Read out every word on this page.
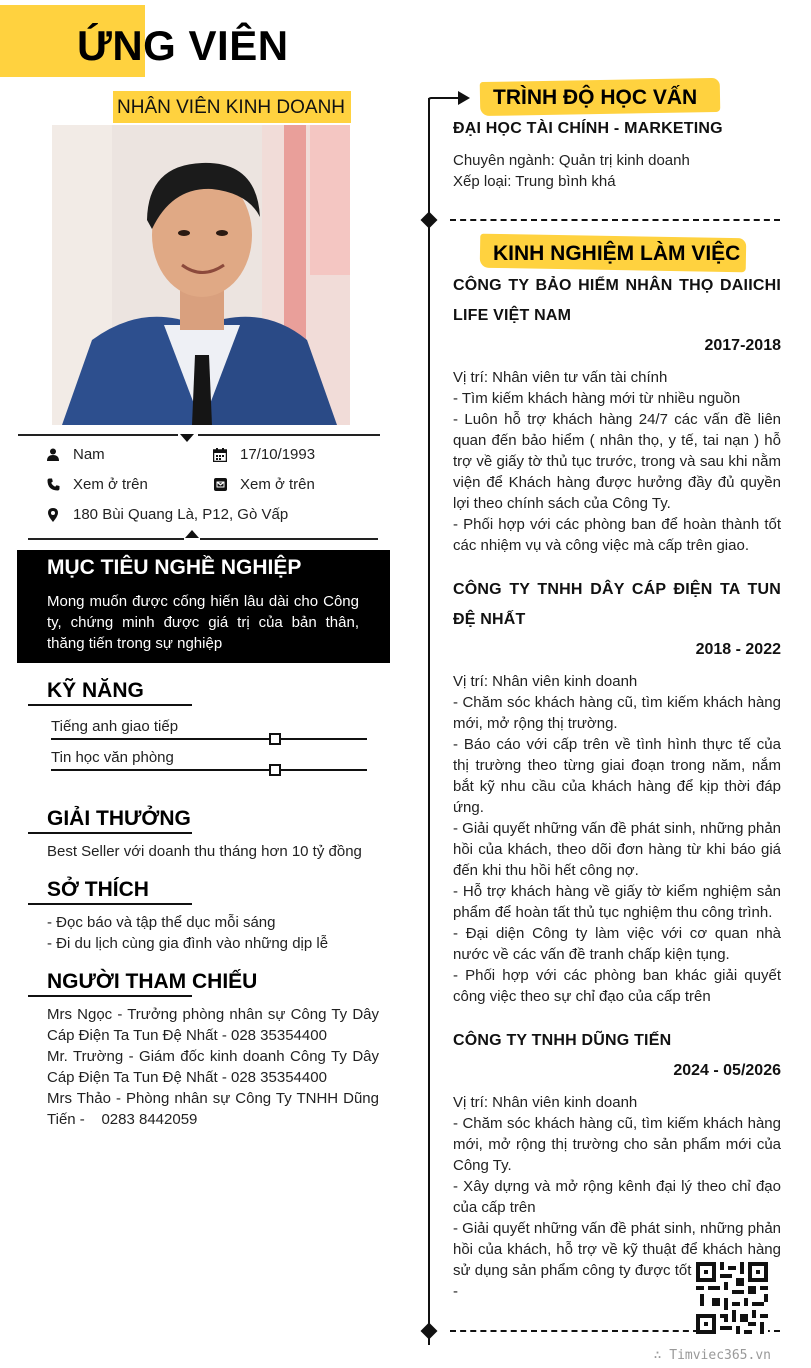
ỨNG VIÊN
NHÂN VIÊN KINH DOANH
Nam	17/10/1993
Xem ở trên	Xem ở trên
180 Bùi Quang Là, P12, Gò Vấp
MỤC TIÊU NGHỀ NGHIỆP
Mong muốn được cống hiến lâu dài cho Công ty, chứng minh được giá trị của bản thân, thăng tiến trong sự nghiệp
KỸ NĂNG
Tiếng anh giao tiếp
Tin học văn phòng
GIẢI THƯỞNG
Best Seller với doanh thu tháng hơn 10 tỷ đồng
SỞ THÍCH
- Đọc báo và tập thể dục mỗi sáng
- Đi du lịch cùng gia đình vào những dịp lễ
NGƯỜI THAM CHIẾU
Mrs Ngọc - Trưởng phòng nhân sự Công Ty Dây Cáp Điện Ta Tun Đệ Nhất - 028 35354400
Mr. Trường - Giám đốc kinh doanh Công Ty Dây Cáp Điện Ta Tun Đệ Nhất - 028 35354400
Mrs Thảo - Phòng nhân sự Công Ty TNHH Dũng Tiến -    0283 8442059
TRÌNH ĐỘ HỌC VẤN
ĐẠI HỌC TÀI CHÍNH - MARKETING
Chuyên ngành: Quản trị kinh doanh
Xếp loại: Trung bình khá
KINH NGHIỆM LÀM VIỆC
CÔNG TY BẢO HIỂM NHÂN THỌ DAIICHI LIFE VIỆT NAM
2017-2018
Vị trí: Nhân viên tư vấn tài chính
- Tìm kiếm khách hàng mới từ nhiều nguồn
- Luôn hỗ trợ khách hàng 24/7 các vấn đề liên quan đến bảo hiểm ( nhân thọ, y tế, tai nạn ) hỗ trợ về giấy tờ thủ tục trước, trong và sau khi nằm viện để Khách hàng được hưởng đầy đủ quyền lợi theo chính sách của Công Ty.
- Phối hợp với các phòng ban để hoàn thành tốt các nhiệm vụ và công việc mà cấp trên giao.
CÔNG TY TNHH DÂY CÁP ĐIỆN TA TUN ĐỆ NHẤT
2018 - 2022
Vị trí: Nhân viên kinh doanh
- Chăm sóc khách hàng cũ, tìm kiếm khách hàng mới, mở rộng thị trường.
- Báo cáo với cấp trên về tình hình thực tế của thị trường theo từng giai đoạn trong năm, nắm bắt kỹ nhu cầu của khách hàng để kịp thời đáp ứng.
- Giải quyết những vấn đề phát sinh, những phản hồi của khách, theo dõi đơn hàng từ khi báo giá đến khi thu hồi hết công nợ.
- Hỗ trợ khách hàng về giấy tờ kiểm nghiệm sản phẩm để hoàn tất thủ tục nghiệm thu công trình.
- Đại diện Công ty làm việc với cơ quan nhà nước về các vấn đề tranh chấp kiện tụng.
- Phối hợp với các phòng ban khác giải quyết công việc theo sự chỉ đạo của cấp trên
CÔNG TY TNHH DŨNG TIẾN
2024 - 05/2026
Vị trí: Nhân viên kinh doanh
- Chăm sóc khách hàng cũ, tìm kiếm khách hàng mới, mở rộng thị trường cho sản phẩm mới của Công Ty.
- Xây dựng và mở rộng kênh đại lý theo chỉ đạo của cấp trên
- Giải quyết những vấn đề phát sinh, những phản hồi của khách, hỗ trợ về kỹ thuật để khách hàng sử dụng sản phẩm công ty được tốt
-
∴ Timviec365.vn
